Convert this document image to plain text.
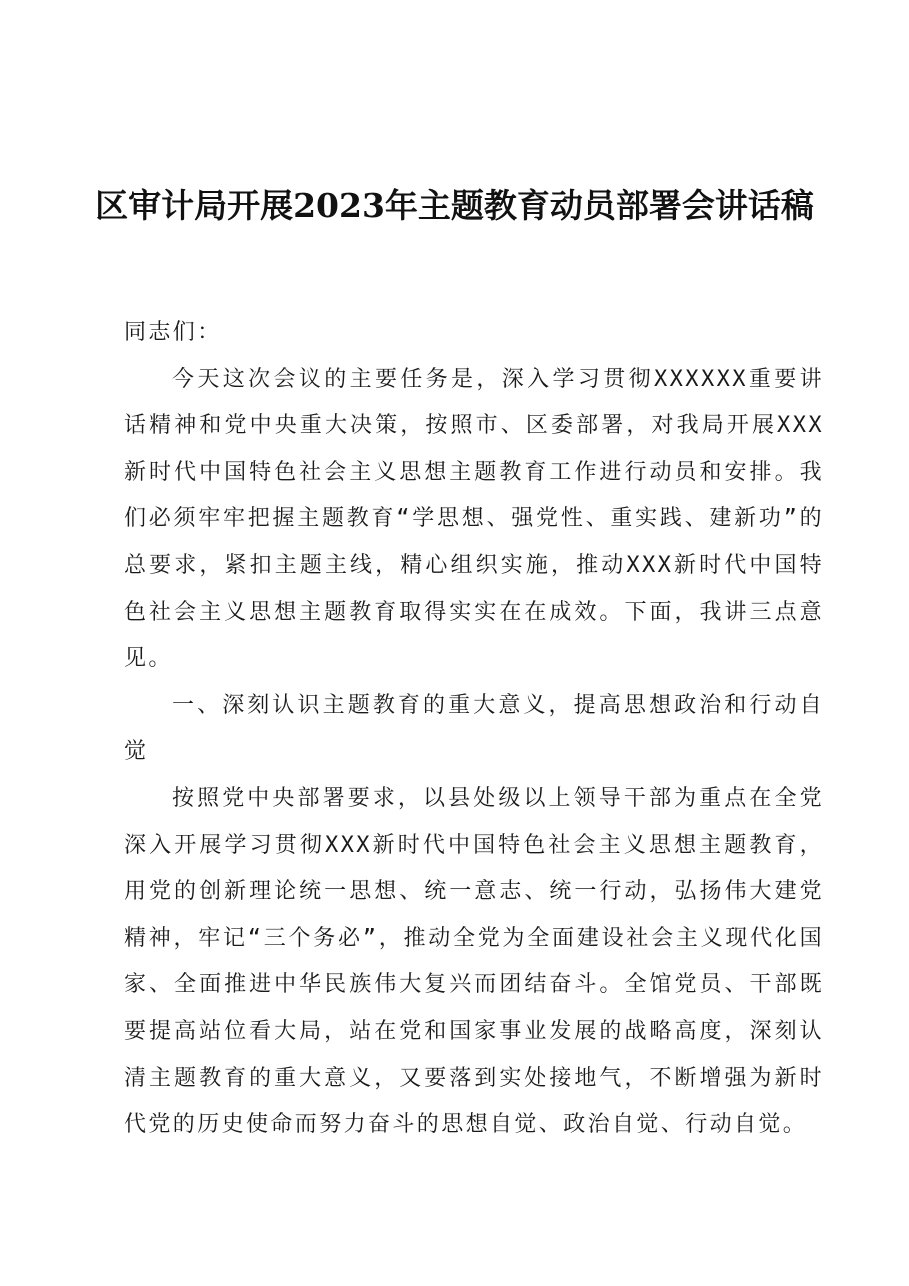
区审计局开展2023年主题教育动员部署会讲话稿

同志们：

今天这次会议的主要任务是，深入学习贯彻XXXXXX重要讲话精神和党中央重大决策，按照市、区委部署，对我局开展XXX新时代中国特色社会主义思想主题教育工作进行动员和安排。我们必须牢牢把握主题教育“学思想、强党性、重实践、建新功”的总要求，紧扣主题主线，精心组织实施，推动XXX新时代中国特色社会主义思想主题教育取得实实在在成效。下面，我讲三点意见。

一、深刻认识主题教育的重大意义，提高思想政治和行动自觉

按照党中央部署要求，以县处级以上领导干部为重点在全党深入开展学习贯彻XXX新时代中国特色社会主义思想主题教育，用党的创新理论统一思想、统一意志、统一行动，弘扬伟大建党精神，牢记“三个务必”，推动全党为全面建设社会主义现代化国家、全面推进中华民族伟大复兴而团结奋斗。全馆党员、干部既要提高站位看大局，站在党和国家事业发展的战略高度，深刻认清主题教育的重大意义，又要落到实处接地气，不断增强为新时代党的历史使命而努力奋斗的思想自觉、政治自觉、行动自觉。
